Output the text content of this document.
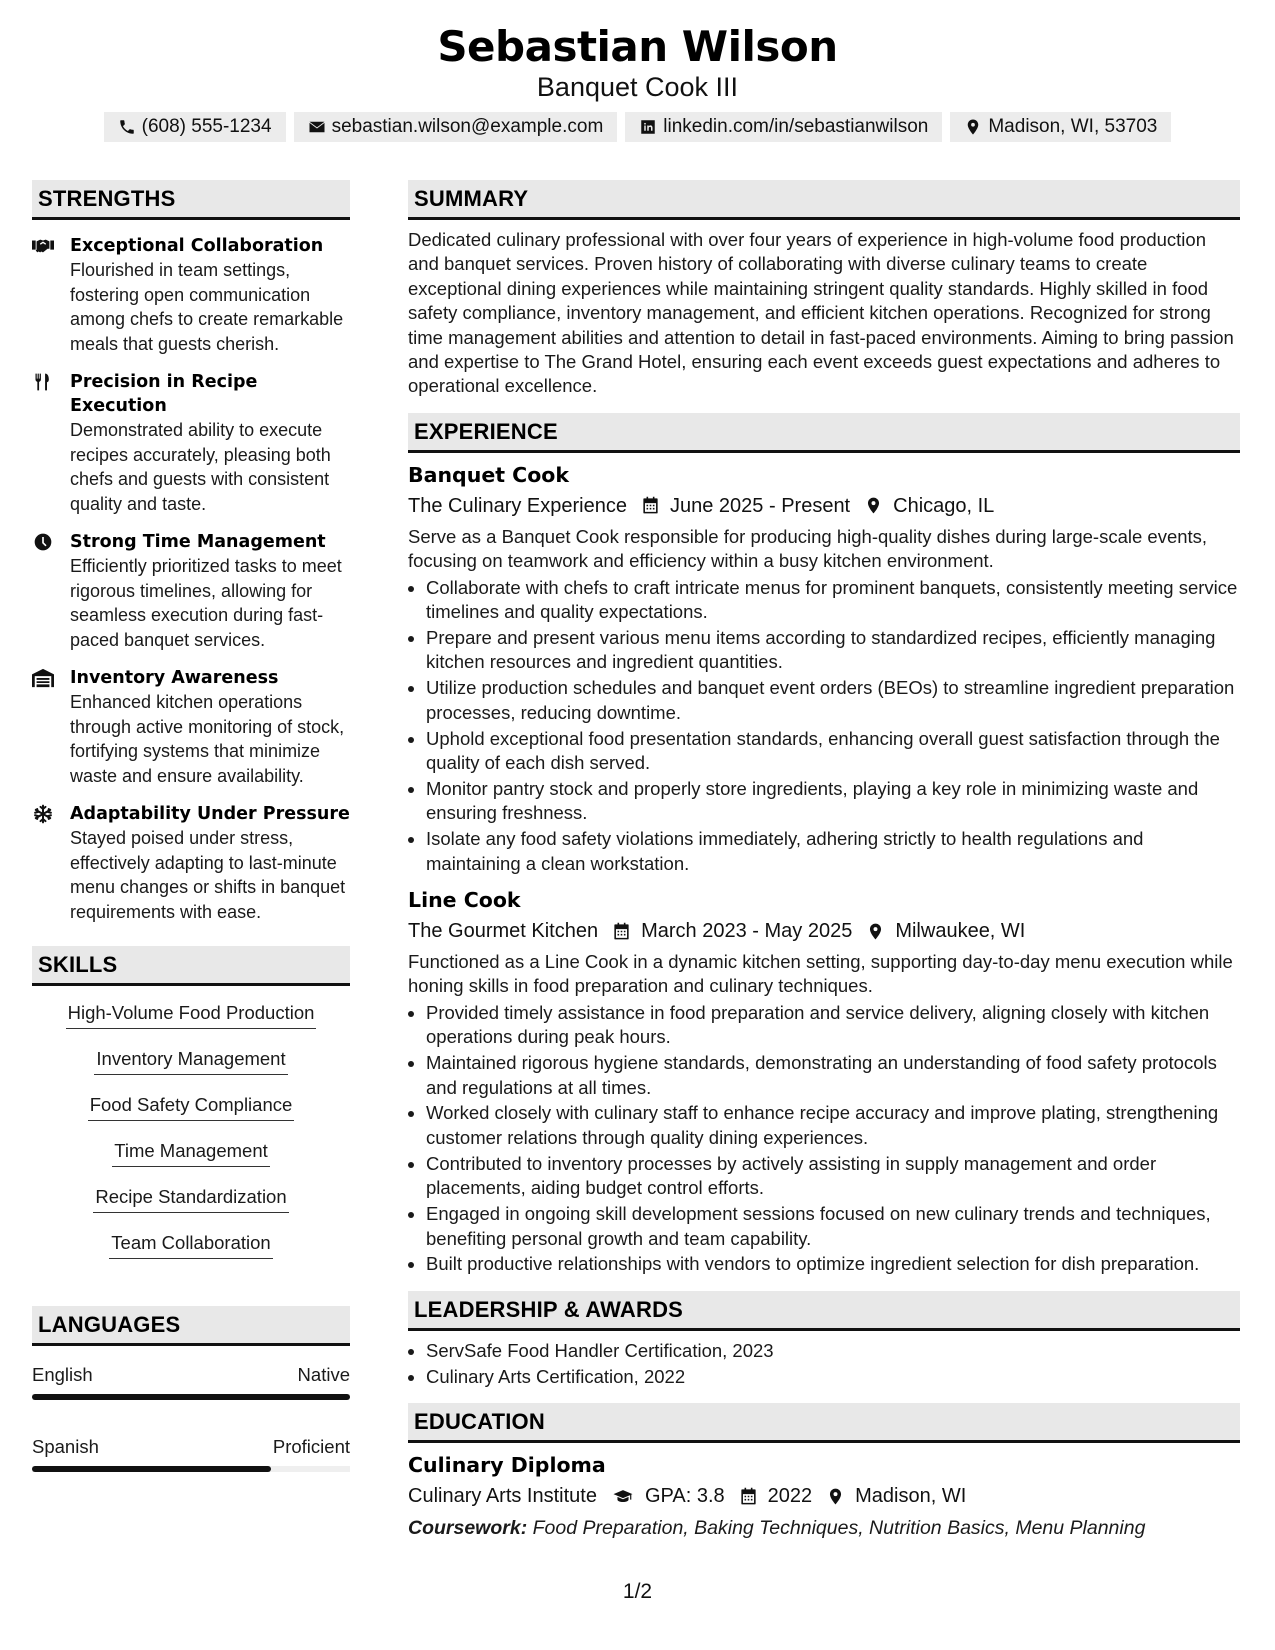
Sebastian Wilson
Banquet Cook III
(608) 555-1234	sebastian.wilson@example.com	linkedin.com/in/sebastianwilson	Madison, WI, 53703
STRENGTHS
Exceptional Collaboration
Flourished in team settings, fostering open communication among chefs to create remarkable meals that guests cherish.
Precision in Recipe Execution
Demonstrated ability to execute recipes accurately, pleasing both chefs and guests with consistent quality and taste.
Strong Time Management
Efficiently prioritized tasks to meet rigorous timelines, allowing for seamless execution during fast-paced banquet services.
Inventory Awareness
Enhanced kitchen operations through active monitoring of stock, fortifying systems that minimize waste and ensure availability.
Adaptability Under Pressure
Stayed poised under stress, effectively adapting to last-minute menu changes or shifts in banquet requirements with ease.
SKILLS
High-Volume Food Production
Inventory Management
Food Safety Compliance
Time Management
Recipe Standardization
Team Collaboration
LANGUAGES
English	Native
Spanish	Proficient
SUMMARY
Dedicated culinary professional with over four years of experience in high-volume food production and banquet services. Proven history of collaborating with diverse culinary teams to create exceptional dining experiences while maintaining stringent quality standards. Highly skilled in food safety compliance, inventory management, and efficient kitchen operations. Recognized for strong time management abilities and attention to detail in fast-paced environments. Aiming to bring passion and expertise to The Grand Hotel, ensuring each event exceeds guest expectations and adheres to operational excellence.
EXPERIENCE
Banquet Cook
The Culinary Experience June 2025 - Present Chicago, IL
Serve as a Banquet Cook responsible for producing high-quality dishes during large-scale events, focusing on teamwork and efficiency within a busy kitchen environment.
• Collaborate with chefs to craft intricate menus for prominent banquets, consistently meeting service timelines and quality expectations.
• Prepare and present various menu items according to standardized recipes, efficiently managing kitchen resources and ingredient quantities.
• Utilize production schedules and banquet event orders (BEOs) to streamline ingredient preparation processes, reducing downtime.
• Uphold exceptional food presentation standards, enhancing overall guest satisfaction through the quality of each dish served.
• Monitor pantry stock and properly store ingredients, playing a key role in minimizing waste and ensuring freshness.
• Isolate any food safety violations immediately, adhering strictly to health regulations and maintaining a clean workstation.
Line Cook
The Gourmet Kitchen March 2023 - May 2025 Milwaukee, WI
Functioned as a Line Cook in a dynamic kitchen setting, supporting day-to-day menu execution while honing skills in food preparation and culinary techniques.
• Provided timely assistance in food preparation and service delivery, aligning closely with kitchen operations during peak hours.
• Maintained rigorous hygiene standards, demonstrating an understanding of food safety protocols and regulations at all times.
• Worked closely with culinary staff to enhance recipe accuracy and improve plating, strengthening customer relations through quality dining experiences.
• Contributed to inventory processes by actively assisting in supply management and order placements, aiding budget control efforts.
• Engaged in ongoing skill development sessions focused on new culinary trends and techniques, benefiting personal growth and team capability.
• Built productive relationships with vendors to optimize ingredient selection for dish preparation.
LEADERSHIP & AWARDS
• ServSafe Food Handler Certification, 2023
• Culinary Arts Certification, 2022
EDUCATION
Culinary Diploma
Culinary Arts Institute GPA: 3.8 2022 Madison, WI
Coursework: Food Preparation, Baking Techniques, Nutrition Basics, Menu Planning
1/2
